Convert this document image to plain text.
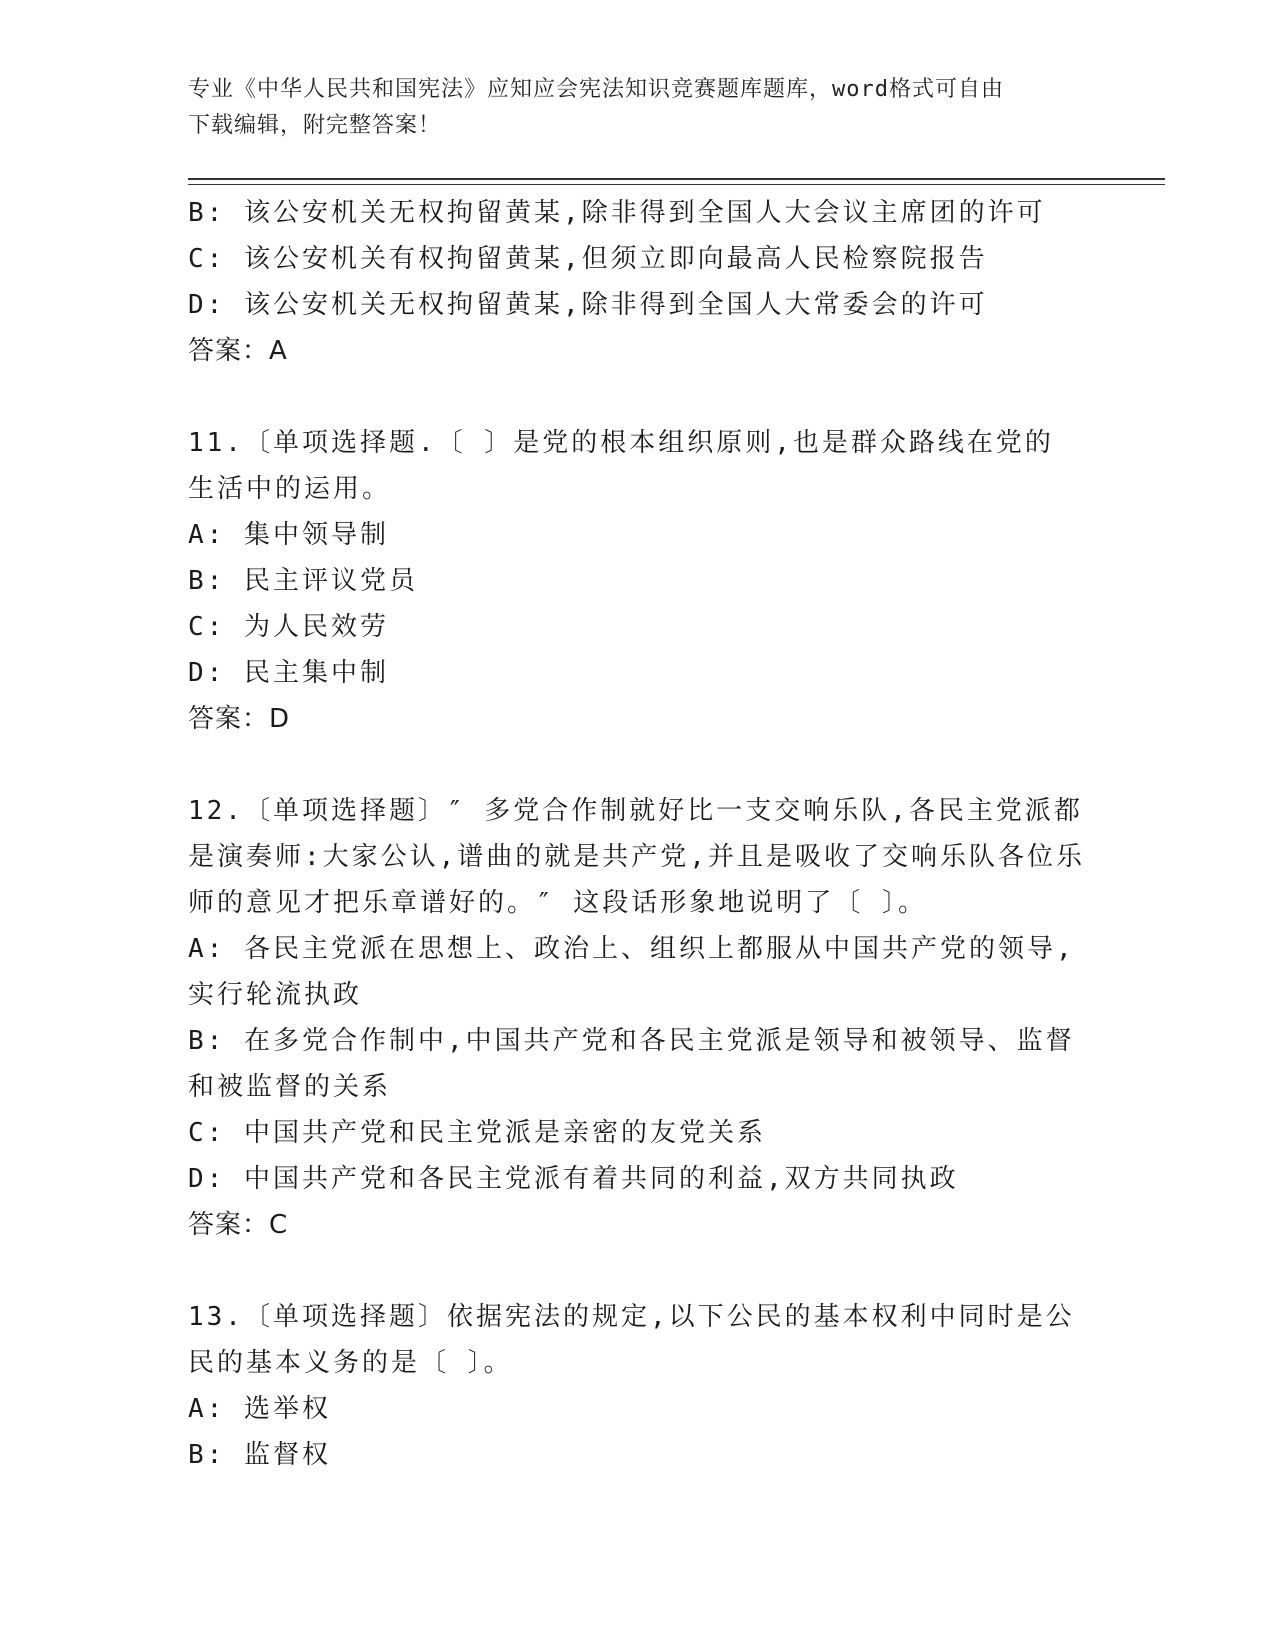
专业《中华人民共和国宪法》应知应会宪法知识竞赛题库题库，word格式可自由
下载编辑，附完整答案！
B: 该公安机关无权拘留黄某,除非得到全国人大会议主席团的许可
C: 该公安机关有权拘留黄某,但须立即向最高人民检察院报告
D: 该公安机关无权拘留黄某,除非得到全国人大常委会的许可
答案：A
11.〔单项选择题.〔 〕是党的根本组织原则,也是群众路线在党的
生活中的运用。
A: 集中领导制
B: 民主评议党员
C: 为人民效劳
D: 民主集中制
答案：D
12.〔单项选择题〕″ 多党合作制就好比一支交响乐队,各民主党派都
是演奏师:大家公认,谱曲的就是共产党,并且是吸收了交响乐队各位乐
师的意见才把乐章谱好的。″ 这段话形象地说明了〔 〕。
A: 各民主党派在思想上、政治上、组织上都服从中国共产党的领导,
实行轮流执政
B: 在多党合作制中,中国共产党和各民主党派是领导和被领导、监督
和被监督的关系
C: 中国共产党和民主党派是亲密的友党关系
D: 中国共产党和各民主党派有着共同的利益,双方共同执政
答案：C
13.〔单项选择题〕依据宪法的规定,以下公民的基本权利中同时是公
民的基本义务的是〔 〕。
A: 选举权
B: 监督权
